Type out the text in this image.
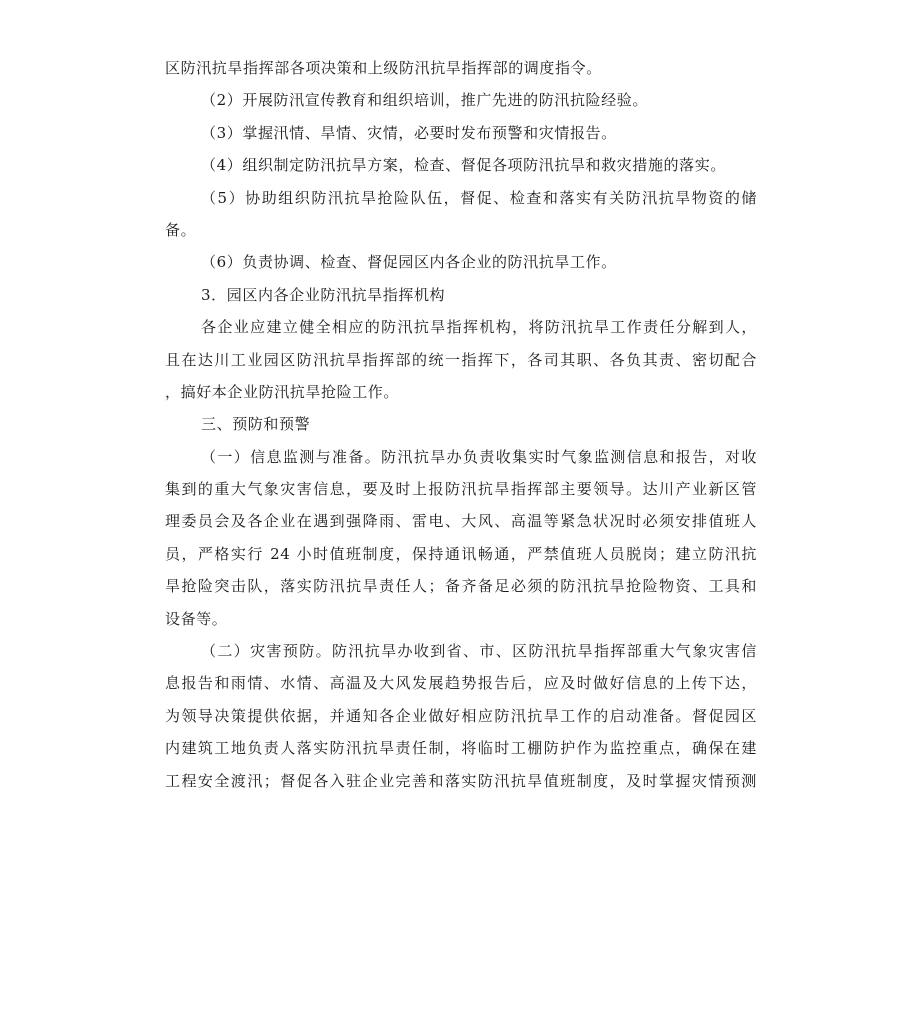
区防汛抗旱指挥部各项决策和上级防汛抗旱指挥部的调度指令。
（2）开展防汛宣传教育和组织培训，推广先进的防汛抗险经验。
（3）掌握汛情、旱情、灾情，必要时发布预警和灾情报告。
（4）组织制定防汛抗旱方案，检查、督促各项防汛抗旱和救灾措施的落实。
（5）协助组织防汛抗旱抢险队伍，督促、检查和落实有关防汛抗旱物资的储
备。
（6）负责协调、检查、督促园区内各企业的防汛抗旱工作。
3．园区内各企业防汛抗旱指挥机构
各企业应建立健全相应的防汛抗旱指挥机构，将防汛抗旱工作责任分解到人，
且在达川工业园区防汛抗旱指挥部的统一指挥下，各司其职、各负其责、密切配合
，搞好本企业防汛抗旱抢险工作。
三、预防和预警
（一）信息监测与准备。防汛抗旱办负责收集实时气象监测信息和报告，对收
集到的重大气象灾害信息，要及时上报防汛抗旱指挥部主要领导。达川产业新区管
理委员会及各企业在遇到强降雨、雷电、大风、高温等紧急状况时必须安排值班人
员，严格实行 24 小时值班制度，保持通讯畅通，严禁值班人员脱岗；建立防汛抗
旱抢险突击队，落实防汛抗旱责任人；备齐备足必须的防汛抗旱抢险物资、工具和
设备等。
（二）灾害预防。防汛抗旱办收到省、市、区防汛抗旱指挥部重大气象灾害信
息报告和雨情、水情、高温及大风发展趋势报告后，应及时做好信息的上传下达，
为领导决策提供依据，并通知各企业做好相应防汛抗旱工作的启动准备。督促园区
内建筑工地负责人落实防汛抗旱责任制，将临时工棚防护作为监控重点，确保在建
工程安全渡汛；督促各入驻企业完善和落实防汛抗旱值班制度，及时掌握灾情预测
